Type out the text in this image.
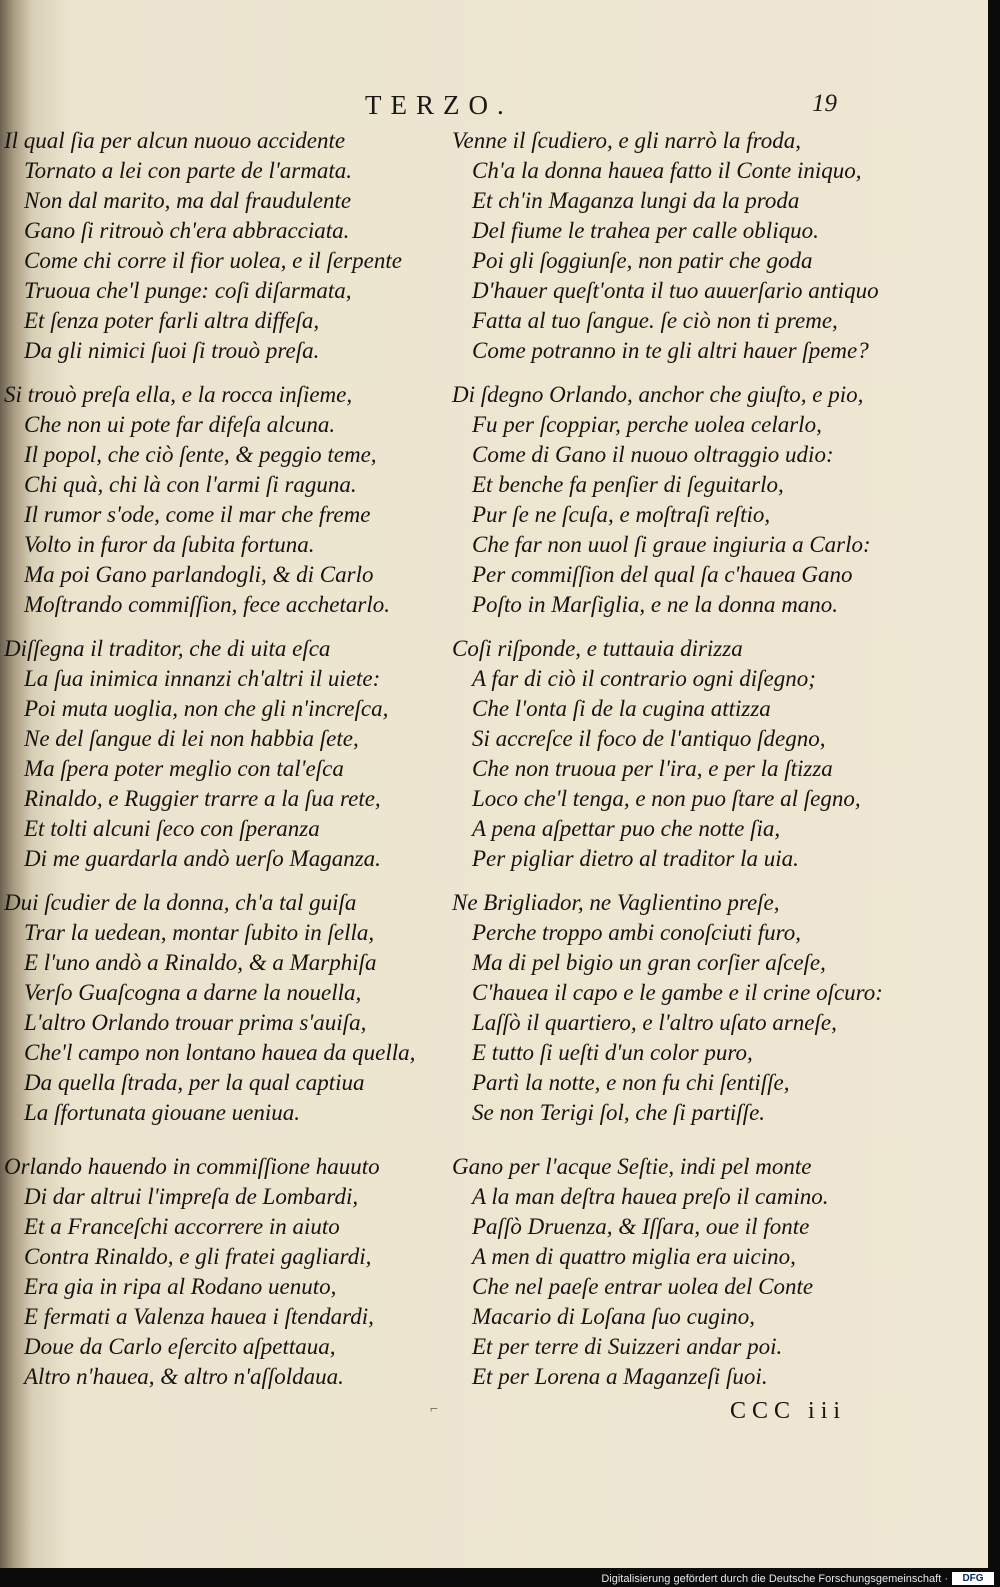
TERZO.	19
Il qual ſia per alcun nuouo accidente
Tornato a lei con parte de l'armata.
Non dal marito, ma dal fraudulente
Gano ſi ritrouò ch'era abbracciata.
Come chi corre il fior uolea, e il ſerpente
Truoua che'l punge: coſi diſarmata,
Et ſenza poter farli altra diffeſa,
Da gli nimici ſuoi ſi trouò preſa.
Si trouò preſa ella, e la rocca inſieme,
Che non ui pote far difeſa alcuna.
Il popol, che ciò ſente, & peggio teme,
Chi quà, chi là con l'armi ſi raguna.
Il rumor s'ode, come il mar che freme
Volto in furor da ſubita fortuna.
Ma poi Gano parlandogli, & di Carlo
Moſtrando commiſſion, fece acchetarlo.
Diſſegna il traditor, che di uita eſca
La ſua inimica innanzi ch'altri il uiete:
Poi muta uoglia, non che gli n'increſca,
Ne del ſangue di lei non habbia ſete,
Ma ſpera poter meglio con tal'eſca
Rinaldo, e Ruggier trarre a la ſua rete,
Et tolti alcuni ſeco con ſperanza
Di me guardarla andò uerſo Maganza.
Dui ſcudier de la donna, ch'a tal guiſa
Trar la uedean, montar ſubito in ſella,
E l'uno andò a Rinaldo, & a Marphiſa
Verſo Guaſcogna a darne la nouella,
L'altro Orlando trouar prima s'auiſa,
Che'l campo non lontano hauea da quella,
Da quella ſtrada, per la qual captiua
La ſfortunata giouane ueniua.
Orlando hauendo in commiſſione hauuto
Di dar altrui l'impreſa de Lombardi,
Et a Franceſchi accorrere in aiuto
Contra Rinaldo, e gli fratei gagliardi,
Era gia in ripa al Rodano uenuto,
E fermati a Valenza hauea i ſtendardi,
Doue da Carlo eſercito aſpettaua,
Altro n'hauea, & altro n'aſſoldaua.
Venne il ſcudiero, e gli narrò la froda,
Ch'a la donna hauea fatto il Conte iniquo,
Et ch'in Maganza lungi da la proda
Del fiume le trahea per calle obliquo.
Poi gli ſoggiunſe, non patir che goda
D'hauer queſt'onta il tuo auuerſario antiquo
Fatta al tuo ſangue. ſe ciò non ti preme,
Come potranno in te gli altri hauer ſpeme?
Di ſdegno Orlando, anchor che giuſto, e pio,
Fu per ſcoppiar, perche uolea celarlo,
Come di Gano il nuouo oltraggio udio:
Et benche fa penſier di ſeguitarlo,
Pur ſe ne ſcuſa, e moſtraſi reſtio,
Che far non uuol ſi graue ingiuria a Carlo:
Per commiſſion del qual ſa c'hauea Gano
Poſto in Marſiglia, e ne la donna mano.
Coſi riſponde, e tuttauia dirizza
A far di ciò il contrario ogni diſegno;
Che l'onta ſi de la cugina attizza
Si accreſce il foco de l'antiquo ſdegno,
Che non truoua per l'ira, e per la ſtizza
Loco che'l tenga, e non puo ſtare al ſegno,
A pena aſpettar puo che notte ſia,
Per pigliar dietro al traditor la uia.
Ne Brigliador, ne Vaglientino preſe,
Perche troppo ambi conoſciuti furo,
Ma di pel bigio un gran corſier aſceſe,
C'hauea il capo e le gambe e il crine oſcuro:
Laſſò il quartiero, e l'altro uſato arneſe,
E tutto ſi ueſti d'un color puro,
Partì la notte, e non fu chi ſentiſſe,
Se non Terigi ſol, che ſi partiſſe.
Gano per l'acque Seſtie, indi pel monte
A la man deſtra hauea preſo il camino.
Paſſò Druenza, & Iſſara, oue il fonte
A men di quattro miglia era uicino,
Che nel paeſe entrar uolea del Conte
Macario di Loſana ſuo cugino,
Et per terre di Suizzeri andar poi.
Et per Lorena a Maganzeſi ſuoi.
⌐	CCC iii
Digitalisierung gefördert durch die Deutsche Forschungsgemeinschaft ·	DFG
